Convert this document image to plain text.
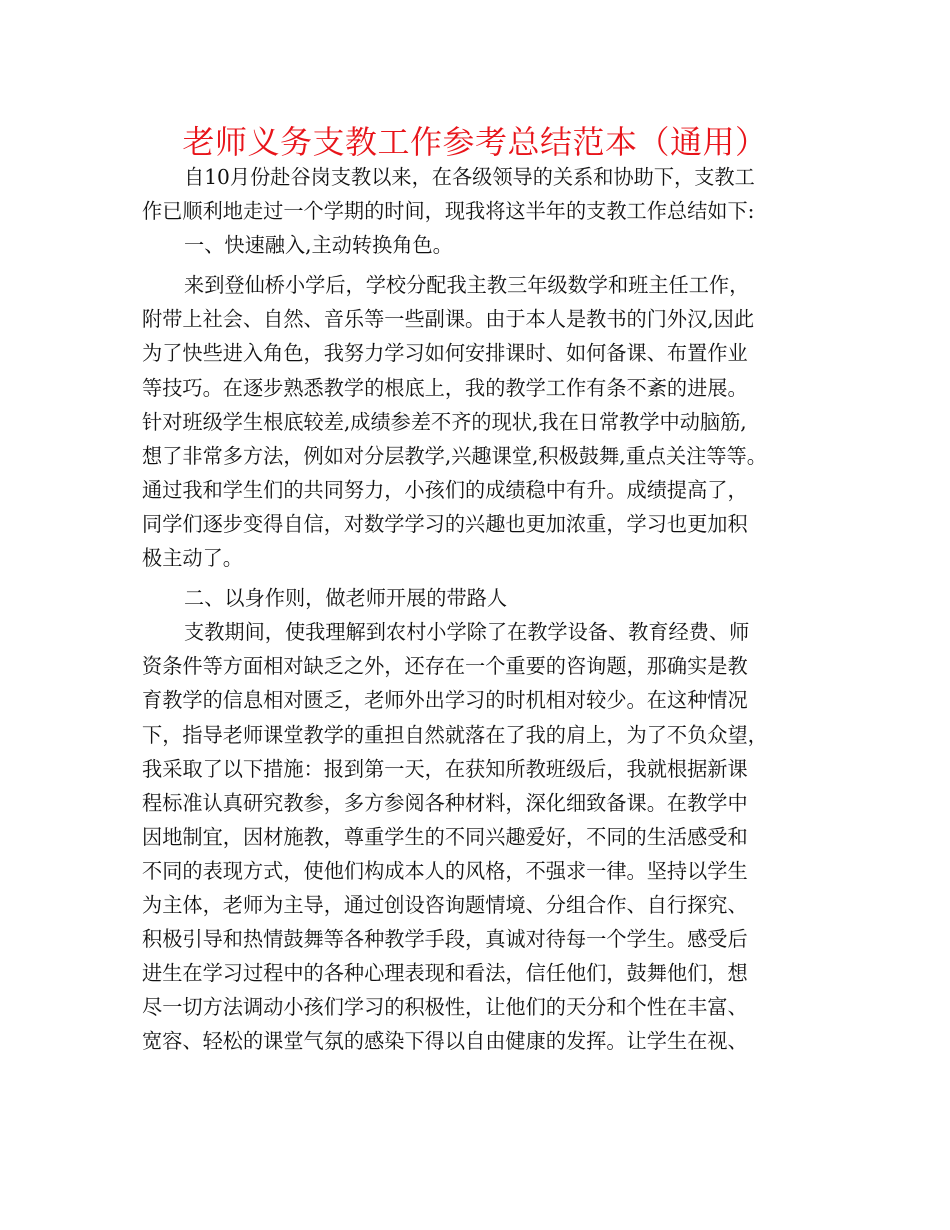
老师义务支教工作参考总结范本（通用）
自10月份赴谷岗支教以来，在各级领导的关系和协助下，支教工
作已顺利地走过一个学期的时间，现我将这半年的支教工作总结如下:
一、快速融入,主动转换角色。
来到登仙桥小学后，学校分配我主教三年级数学和班主任工作，
附带上社会、自然、音乐等一些副课。由于本人是教书的门外汉,因此
为了快些进入角色，我努力学习如何安排课时、如何备课、布置作业
等技巧。在逐步熟悉教学的根底上，我的教学工作有条不紊的进展。
针对班级学生根底较差,成绩参差不齐的现状,我在日常教学中动脑筋,
想了非常多方法，例如对分层教学,兴趣课堂,积极鼓舞,重点关注等等。
通过我和学生们的共同努力，小孩们的成绩稳中有升。成绩提高了，
同学们逐步变得自信，对数学学习的兴趣也更加浓重，学习也更加积
极主动了。
二、以身作则，做老师开展的带路人
支教期间，使我理解到农村小学除了在教学设备、教育经费、师
资条件等方面相对缺乏之外，还存在一个重要的咨询题，那确实是教
育教学的信息相对匮乏，老师外出学习的时机相对较少。在这种情况
下，指导老师课堂教学的重担自然就落在了我的肩上，为了不负众望，
我采取了以下措施：报到第一天，在获知所教班级后，我就根据新课
程标准认真研究教参，多方参阅各种材料，深化细致备课。在教学中
因地制宜，因材施教，尊重学生的不同兴趣爱好，不同的生活感受和
不同的表现方式，使他们构成本人的风格，不强求一律。坚持以学生
为主体，老师为主导，通过创设咨询题情境、分组合作、自行探究、
积极引导和热情鼓舞等各种教学手段，真诚对待每一个学生。感受后
进生在学习过程中的各种心理表现和看法，信任他们，鼓舞他们，想
尽一切方法调动小孩们学习的积极性，让他们的天分和个性在丰富、
宽容、轻松的课堂气氛的感染下得以自由健康的发挥。让学生在视、
